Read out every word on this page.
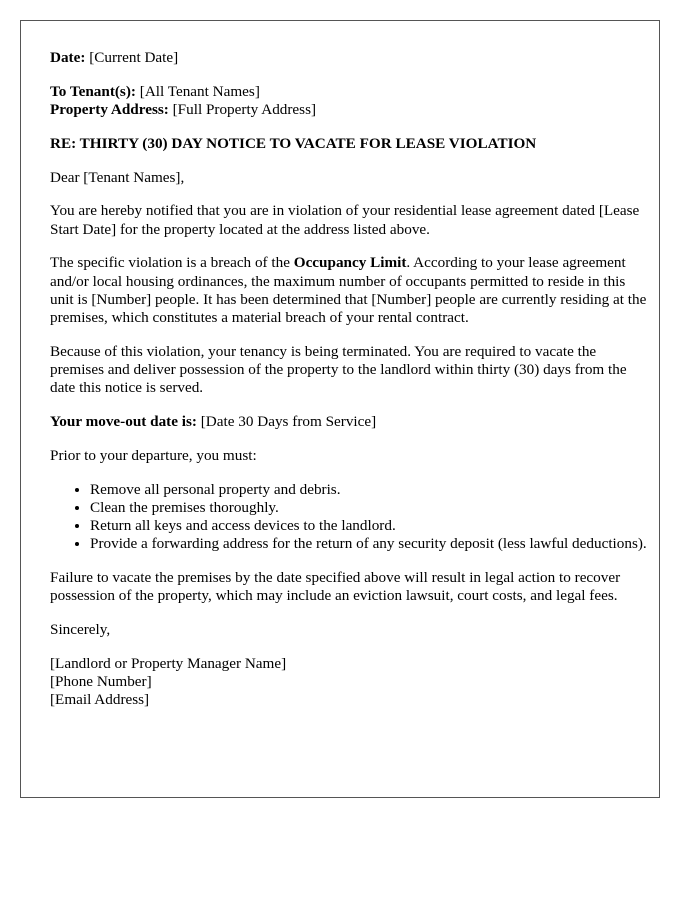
Date: [Current Date]

To Tenant(s): [All Tenant Names]
Property Address: [Full Property Address]

RE: THIRTY (30) DAY NOTICE TO VACATE FOR LEASE VIOLATION

Dear [Tenant Names],

You are hereby notified that you are in violation of your residential lease agreement dated [Lease Start Date] for the property located at the address listed above.

The specific violation is a breach of the Occupancy Limit. According to your lease agreement and/or local housing ordinances, the maximum number of occupants permitted to reside in this unit is [Number] people. It has been determined that [Number] people are currently residing at the premises, which constitutes a material breach of your rental contract.

Because of this violation, your tenancy is being terminated. You are required to vacate the premises and deliver possession of the property to the landlord within thirty (30) days from the date this notice is served.

Your move-out date is: [Date 30 Days from Service]

Prior to your departure, you must:

• Remove all personal property and debris.
• Clean the premises thoroughly.
• Return all keys and access devices to the landlord.
• Provide a forwarding address for the return of any security deposit (less lawful deductions).

Failure to vacate the premises by the date specified above will result in legal action to recover possession of the property, which may include an eviction lawsuit, court costs, and legal fees.

Sincerely,

[Landlord or Property Manager Name]
[Phone Number]
[Email Address]
